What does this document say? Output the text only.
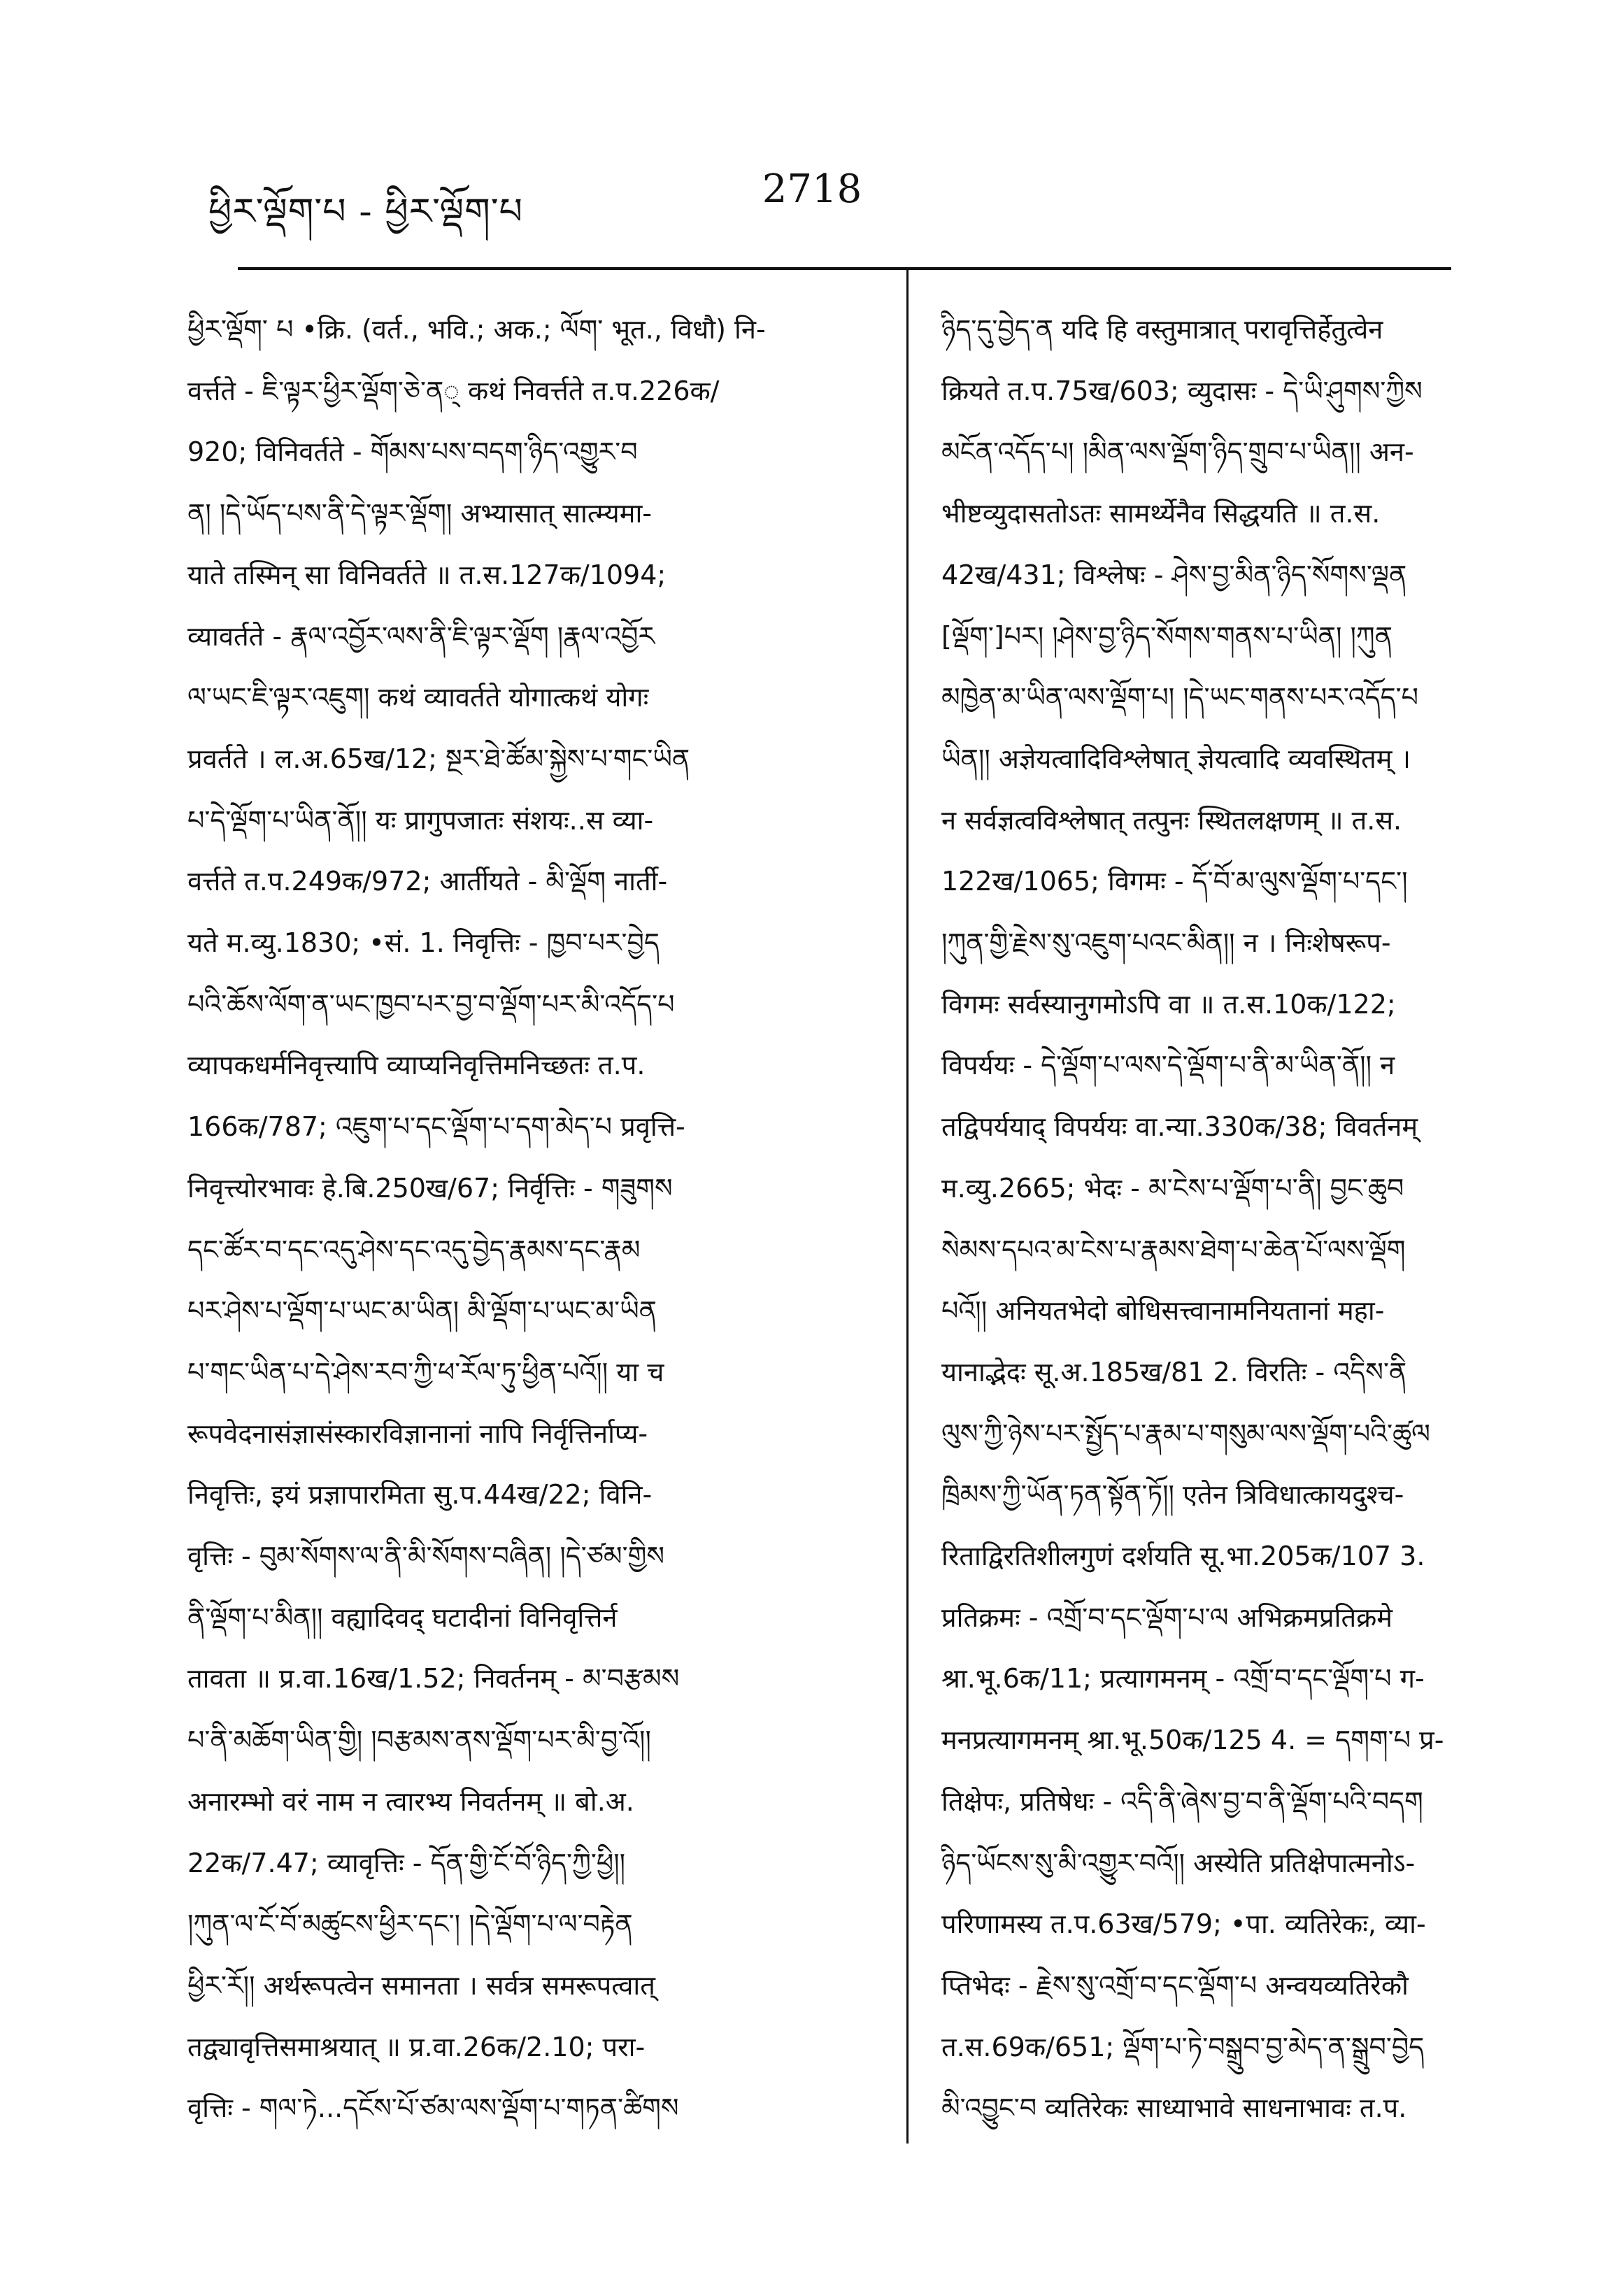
ཕྱིར་ལྡོག་པ - ཕྱིར་ལྡོག་པ	2718
ཕྱིར་ལྡོག་ པ •क्रि. (वर्त., भवि.; अक.; ལོག་ भूत., विधौ) नि-
वर्त्तते - ཇི་ལྟར་ཕྱིར་ལྡོག་ཅེ་ན् कथं निवर्त्तते त.प.226क/
920; विनिवर्तते - གོམས་པས་བདག་ཉིད་འགྱུར་བ
ན། །དེ་ཡོད་པས་ནི་དེ་ལྟར་ལྡོག། अभ्यासात् सात्म्यमा-
याते तस्मिन् सा विनिवर्तते ॥ त.स.127क/1094;
व्यावर्तते - རྣལ་འབྱོར་ལས་ནི་ཇི་ལྟར་ལྡོག །རྣལ་འབྱོར
ལ་ཡང་ཇི་ལྟར་འཇུག། कथं व्यावर्तते योगात्कथं योगः
प्रवर्तते । ल.अ.65ख/12; སྔར་ཐེ་ཚོམ་སྐྱེས་པ་གང་ཡིན
པ་དེ་ལྡོག་པ་ཡིན་ནོ།། यः प्रागुपजातः संशयः..स व्या-
वर्त्तते त.प.249क/972; आर्तीयते - མི་ལྡོག नार्ती-
यते म.व्यु.1830; •सं. 1. निवृत्तिः - ཁྱབ་པར་བྱེད
པའི་ཆོས་ལོག་ན་ཡང་ཁྱབ་པར་བྱ་བ་ལྡོག་པར་མི་འདོད་པ
व्यापकधर्मनिवृत्त्यापि व्याप्यनिवृत्तिमनिच्छतः त.प.
166क/787; འཇུག་པ་དང་ལྡོག་པ་དག་མེད་པ प्रवृत्ति-
निवृत्त्योरभावः हे.बि.250ख/67; निर्वृत्तिः - གཟུགས
དང་ཚོར་བ་དང་འདུ་ཤེས་དང་འདུ་བྱེད་རྣམས་དང་རྣམ
པར་ཤེས་པ་ལྡོག་པ་ཡང་མ་ཡིན། མི་ལྡོག་པ་ཡང་མ་ཡིན
པ་གང་ཡིན་པ་དེ་ཤེས་རབ་ཀྱི་ཕ་རོལ་ཏུ་ཕྱིན་པའོ།། या च
रूपवेदनासंज्ञासंस्कारविज्ञानानां नापि निर्वृत्तिर्नाप्य-
निवृत्तिः, इयं प्रज्ञापारमिता सु.प.44ख/22; विनि-
वृत्तिः - བུམ་སོགས་ལ་ནི་མི་སོགས་བཞིན། །དེ་ཙམ་གྱིས
ནི་ལྡོག་པ་མིན།། वह्यादिवद् घटादीनां विनिवृत्तिर्न
तावता ॥ प्र.वा.16ख/1.52; निवर्तनम् - མ་བརྩམས
པ་ནི་མཆོག་ཡིན་གྱི། །བརྩམས་ནས་ལྡོག་པར་མི་བྱ་འོ།།
अनारम्भो वरं नाम न त्वारभ्य निवर्तनम् ॥ बो.अ.
22क/7.47; व्यावृत्तिः - དོན་གྱི་ངོ་བོ་ཉིད་ཀྱི་ཕྱི།།
།ཀུན་ལ་ངོ་བོ་མཚུངས་ཕྱིར་དང་། །དེ་ལྡོག་པ་ལ་བརྟེན
ཕྱིར་རོ།། अर्थरूपत्वेन समानता । सर्वत्र समरूपत्वात्
तद्व्यावृत्तिसमाश्रयात् ॥ प्र.वा.26क/2.10; परा-
वृत्तिः - གལ་ཏེ...དངོས་པོ་ཙམ་ལས་ལྡོག་པ་གཏན་ཚིགས
ཉིད་དུ་བྱེད་ན यदि हि वस्तुमात्रात् परावृत्तिर्हेतुत्वेन
क्रियते त.प.75ख/603; व्युदासः - དེ་ཡི་ཤུགས་ཀྱིས
མངོན་འདོད་པ། །མིན་ལས་ལྡོག་ཉིད་གྲུབ་པ་ཡིན།། अन-
भीष्टव्युदासतोऽतः सामर्थ्येनैव सिद्धयति ॥ त.स.
42ख/431; विश्लेषः - ཤེས་བྱ་མིན་ཉིད་སོགས་ལྡན
[ལྡོག་]པར། །ཤེས་བྱ་ཉིད་སོགས་གནས་པ་ཡིན། །ཀུན
མཁྱེན་མ་ཡིན་ལས་ལྡོག་པ། །དེ་ཡང་གནས་པར་འདོད་པ
ཡིན།། अज्ञेयत्वादिविश्लेषात् ज्ञेयत्वादि व्यवस्थितम् ।
न सर्वज्ञत्वविश्लेषात् तत्पुनः स्थितलक्षणम् ॥ त.स.
122ख/1065; विगमः - དོ་བོ་མ་ལུས་ལྡོག་པ་དང་།
།ཀུན་གྱི་རྗེས་སུ་འཇུག་པའང་མིན།། न । निःशेषरूप-
विगमः सर्वस्यानुगमोऽपि वा ॥ त.स.10क/122;
विपर्ययः - དེ་ལྡོག་པ་ལས་དེ་ལྡོག་པ་ནི་མ་ཡིན་ནོ།། न
तद्विपर्ययाद् विपर्ययः वा.न्या.330क/38; विवर्तनम्
म.व्यु.2665; भेदः - མ་ངེས་པ་ལྡོག་པ་ནི། བྱང་ཆུབ
སེམས་དཔའ་མ་ངེས་པ་རྣམས་ཐེག་པ་ཆེན་པོ་ལས་ལྡོག
པའོ།། अनियतभेदो बोधिसत्त्वानामनियतानां महा-
यानाद्भेदः सू.अ.185ख/81 2. विरतिः - འདིས་ནི
ལུས་ཀྱི་ཉེས་པར་སྤྱོད་པ་རྣམ་པ་གསུམ་ལས་ལྡོག་པའི་ཚུལ
ཁྲིམས་ཀྱི་ཡོན་ཏན་སྟོན་ཏོ།། एतेन त्रिविधात्कायदुश्च-
रिताद्विरतिशीलगुणं दर्शयति सू.भा.205क/107 3.
प्रतिक्रमः - འགྲོ་བ་དང་ལྡོག་པ་ལ अभिक्रमप्रतिक्रमे
श्रा.भू.6क/11; प्रत्यागमनम् - འགྲོ་བ་དང་ལྡོག་པ ग-
मनप्रत्यागमनम् श्रा.भू.50क/125 4. = དགག་པ प्र-
तिक्षेपः, प्रतिषेधः - འདི་ནི་ཞེས་བྱ་བ་ནི་ལྡོག་པའི་བདག
ཉིད་ཡོངས་སུ་མི་འགྱུར་བའོ།། अस्येति प्रतिक्षेपात्मनोऽ-
परिणामस्य त.प.63ख/579; •पा. व्यतिरेकः, व्या-
प्तिभेदः - རྗེས་སུ་འགྲོ་བ་དང་ལྡོག་པ अन्वयव्यतिरेकौ
त.स.69क/651; ལྡོག་པ་ཏེ་བསྒྲུབ་བྱ་མེད་ན་སྒྲུབ་བྱེད
མི་འབྱུང་བ व्यतिरेकः साध्याभावे साधनाभावः त.प.
